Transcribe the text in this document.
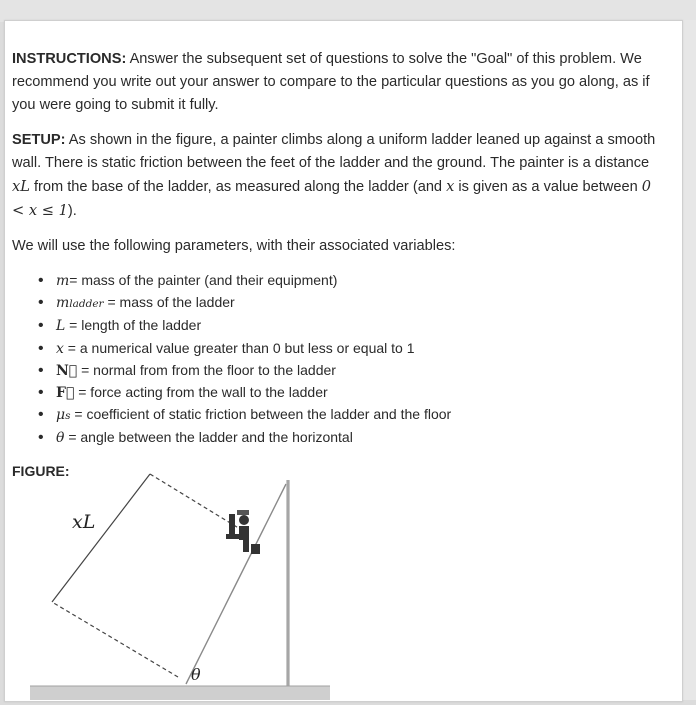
INSTRUCTIONS: Answer the subsequent set of questions to solve the "Goal" of this problem. We recommend you write out your answer to compare to the particular questions as you go along, as if you were going to submit it fully.

SETUP: As shown in the figure, a painter climbs along a uniform ladder leaned up against a smooth wall. There is static friction between the feet of the ladder and the ground. The painter is a distance xL from the base of the ladder, as measured along the ladder (and x is given as a value between 0 < x ≤ 1).

We will use the following parameters, with their associated variables:

• m= mass of the painter (and their equipment)
• mladder = mass of the ladder
• L = length of the ladder
• x = a numerical value greater than 0 but less or equal to 1
• N = normal from from the floor to the ladder
• F = force acting from the wall to the ladder
• μs = coefficient of static friction between the ladder and the floor
• θ = angle between the ladder and the horizontal
FIGURE:
xL
θ
